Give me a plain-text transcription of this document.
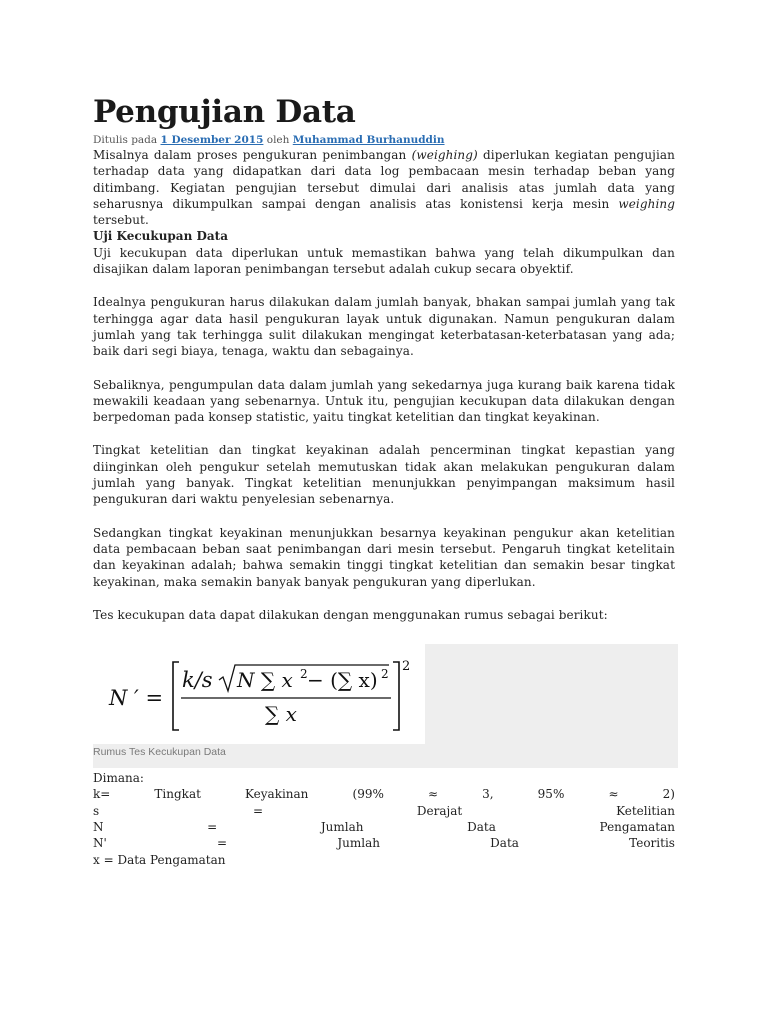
Pengujian Data
Ditulis pada 1 Desember 2015 oleh Muhammad Burhanuddin

Misalnya dalam proses pengukuran penimbangan (weighing) diperlukan kegiatan pengujian terhadap data yang didapatkan dari data log pembacaan mesin terhadap beban yang ditimbang. Kegiatan pengujian tersebut dimulai dari analisis atas jumlah data yang seharusnya dikumpulkan sampai dengan analisis atas konistensi kerja mesin weighing tersebut.

Uji Kecukupan Data

Uji kecukupan data diperlukan untuk memastikan bahwa yang telah dikumpulkan dan disajikan dalam laporan penimbangan tersebut adalah cukup secara obyektif.

Idealnya pengukuran harus dilakukan dalam jumlah banyak, bhakan sampai jumlah yang tak terhingga agar data hasil pengukuran layak untuk digunakan. Namun pengukuran dalam jumlah yang tak terhingga sulit dilakukan mengingat keterbatasan-keterbatasan yang ada; baik dari segi biaya, tenaga, waktu dan sebagainya.

Sebaliknya, pengumpulan data dalam jumlah yang sekedarnya juga kurang baik karena tidak mewakili keadaan yang sebenarnya. Untuk itu, pengujian kecukupan data dilakukan dengan berpedoman pada konsep statistic, yaitu tingkat ketelitian dan tingkat keyakinan.

Tingkat ketelitian dan tingkat keyakinan adalah pencerminan tingkat kepastian yang diinginkan oleh pengukur setelah memutuskan tidak akan melakukan pengukuran dalam jumlah yang banyak. Tingkat ketelitian menunjukkan penyimpangan maksimum hasil pengukuran dari waktu penyelesian sebenarnya.

Sedangkan tingkat keyakinan menunjukkan besarnya keyakinan pengukur akan ketelitian data pembacaan beban saat penimbangan dari mesin tersebut. Pengaruh tingkat ketelitain dan keyakinan adalah; bahwa semakin tinggi tingkat ketelitian dan semakin besar tingkat keyakinan, maka semakin banyak banyak pengukuran yang diperlukan.

Tes kecukupan data dapat dilakukan dengan menggunakan rumus sebagai berikut:

N ′ =
k/s N ∑ x 2 − (∑ x) 2
∑ x
2
Rumus Tes Kecukupan Data
Dimana:
k=	Tingkat	Keyakinan	(99%	≈	3,	95%	≈	2)
s	=	Derajat	Ketelitian
N	=	Jumlah	Data	Pengamatan
N'	=	Jumlah	Data	Teoritis
x = Data Pengamatan
